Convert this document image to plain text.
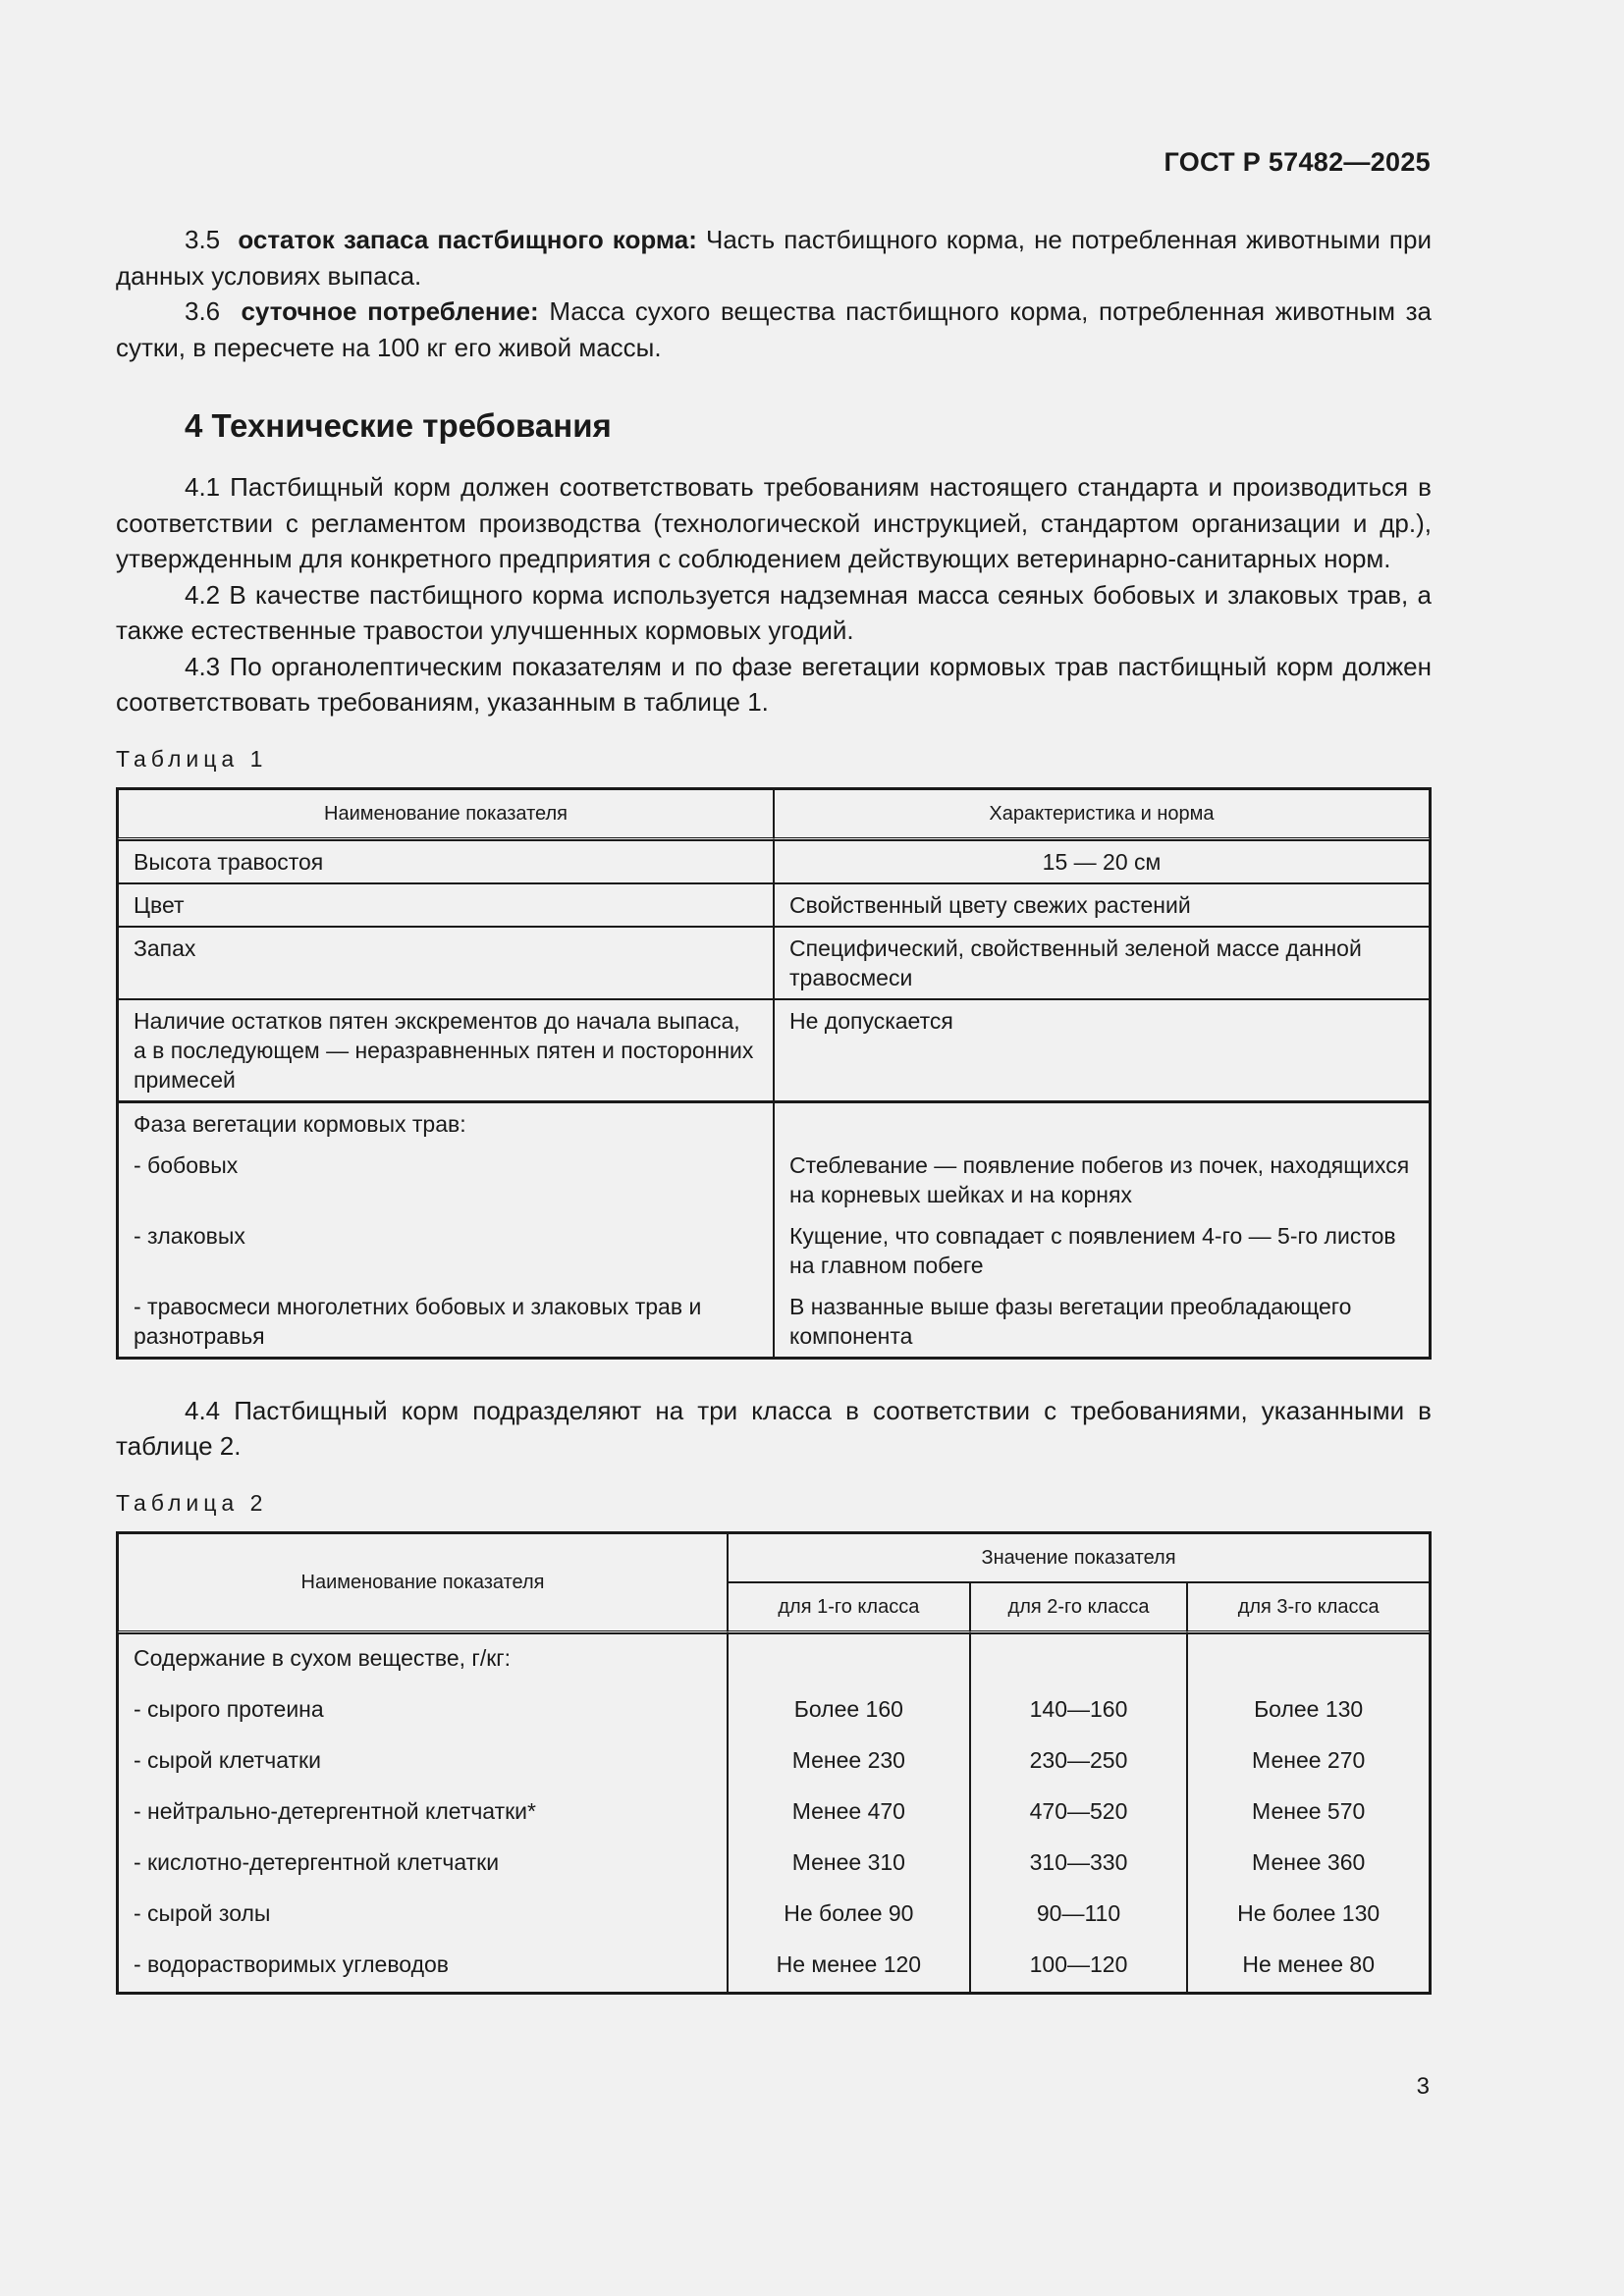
ГОСТ Р 57482—2025

3.5 остаток запаса пастбищного корма: Часть пастбищного корма, не потребленная животными при данных условиях выпаса.

3.6 суточное потребление: Масса сухого вещества пастбищного корма, потребленная животным за сутки, в пересчете на 100 кг его живой массы.

4 Технические требования

4.1 Пастбищный корм должен соответствовать требованиям настоящего стандарта и производиться в соответствии с регламентом производства (технологической инструкцией, стандартом организации и др.), утвержденным для конкретного предприятия с соблюдением действующих ветеринарно-санитарных норм.

4.2 В качестве пастбищного корма используется надземная масса сеяных бобовых и злаковых трав, а также естественные травостои улучшенных кормовых угодий.

4.3 По органолептическим показателям и по фазе вегетации кормовых трав пастбищный корм должен соответствовать требованиям, указанным в таблице 1.

Таблица 1
Наименование показателя	Характеристика и норма
Высота травостоя	15 — 20 см
Цвет	Свойственный цвету свежих растений
Запах	Специфический, свойственный зеленой массе данной травосмеси
Наличие остатков пятен экскрементов до начала выпаса, а в последующем — неразравненных пятен и посторонних примесей	Не допускается
Фаза вегетации кормовых трав:	
- бобовых	Стеблевание — появление побегов из почек, находящихся на корневых шейках и на корнях
- злаковых	Кущение, что совпадает с появлением 4-го — 5-го листов на главном побеге
- травосмеси многолетних бобовых и злаковых трав и разнотравья	В названные выше фазы вегетации преобладающего компонента

4.4 Пастбищный корм подразделяют на три класса в соответствии с требованиями, указанными в таблице 2.

Таблица 2
Наименование показателя	Значение показателя		
	для 1-го класса	для 2-го класса	для 3-го класса
Содержание в сухом веществе, г/кг:			
- сырого протеина	Более 160	140—160	Более 130
- сырой клетчатки	Менее 230	230—250	Менее 270
- нейтрально-детергентной клетчатки*	Менее 470	470—520	Менее 570
- кислотно-детергентной клетчатки	Менее 310	310—330	Менее 360
- сырой золы	Не более 90	90—110	Не более 130
- водорастворимых углеводов	Не менее 120	100—120	Не менее 80
3
